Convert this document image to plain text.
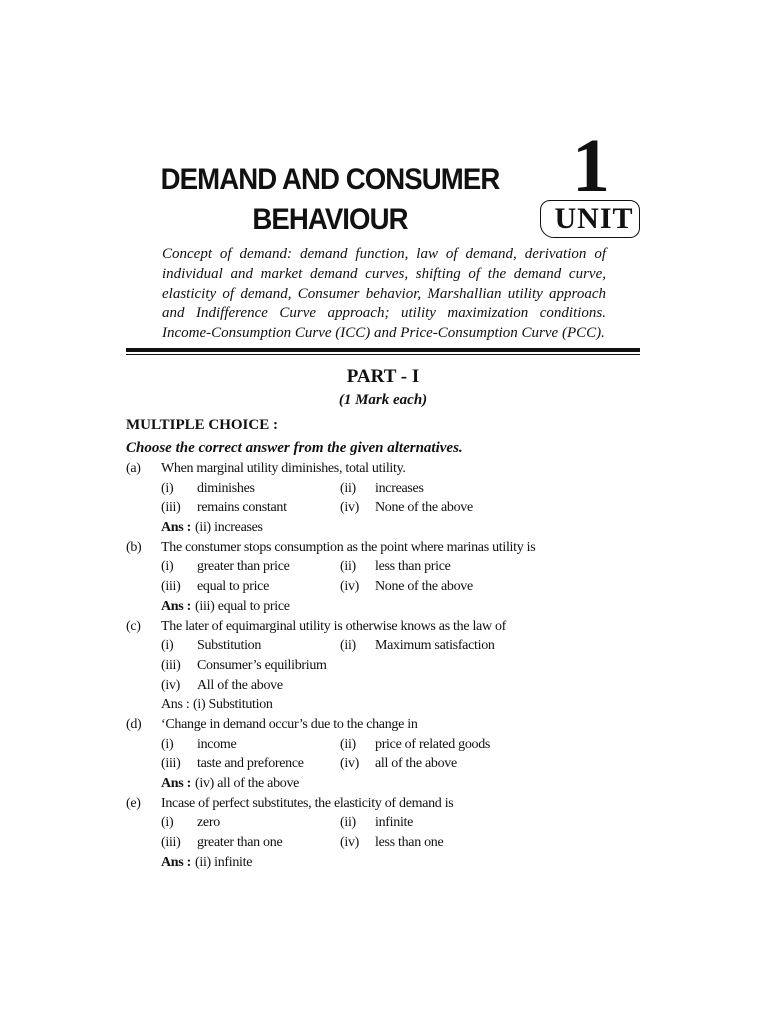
DEMAND AND CONSUMER
BEHAVIOUR
1
UNIT
Concept of demand: demand function, law of demand, derivation of individual and market demand curves, shifting of the demand curve, elasticity of demand, Consumer behavior, Marshallian utility approach and Indifference Curve approach; utility maximization conditions. Income-Consumption Curve (ICC) and Price-Consumption Curve (PCC).
PART - I
(1 Mark each)
MULTIPLE CHOICE :
Choose the correct answer from the given alternatives.
(a) When marginal utility diminishes, total utility.
(i) diminishes	(ii) increases
(iii) remains constant	(iv) None of the above
Ans : (ii) increases
(b) The constumer stops consumption as the point where marinas utility is
(i) greater than price	(ii) less than price
(iii) equal to price	(iv) None of the above
Ans : (iii) equal to price
(c) The later of equimarginal utility is otherwise knows as the law of
(i) Substitution	(ii) Maximum satisfaction
(iii) Consumer’s equilibrium
(iv) All of the above
Ans : (i) Substitution
(d) ‘Change in demand occur’s due to the change in
(i) income	(ii) price of related goods
(iii) taste and preforence	(iv) all of the above
Ans : (iv) all of the above
(e) Incase of perfect substitutes, the elasticity of demand is
(i) zero	(ii) infinite
(iii) greater than one	(iv) less than one
Ans : (ii) infinite
